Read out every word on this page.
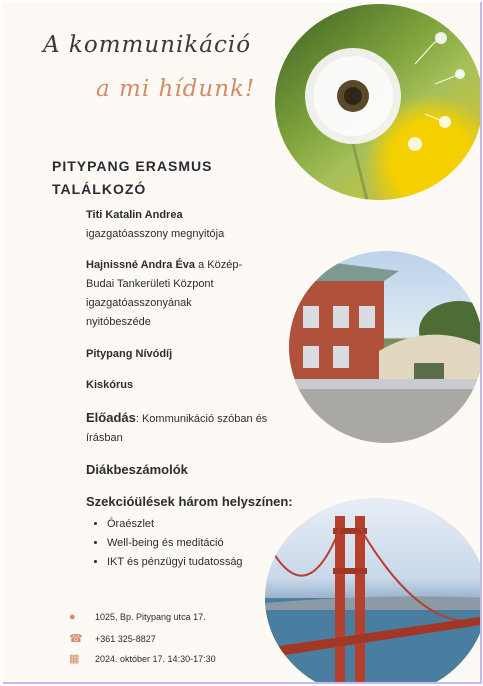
A kommunikáció
a mi hídunk!
PITYPANG ERASMUS
TALÁLKOZÓ
Titi Katalin Andrea
igazgatóasszony megnyitója
Hajnissné Andra Éva a Közép-
Budai Tankerületi Központ
igazgatóasszonyának
nyitóbeszéde
Pitypang Nívódíj
Kiskórus
Előadás: Kommunikáció szóban és
írásban
Diákbeszámolók
Szekcióülések három helyszínen:
• Óraészlet
• Well-being és meditáció
• IKT és pénzügyi tudatosság
● 1025, Bp. Pitypang utca 17.
☎ +361 325-8827
▦ 2024. október 17. 14:30-17:30
